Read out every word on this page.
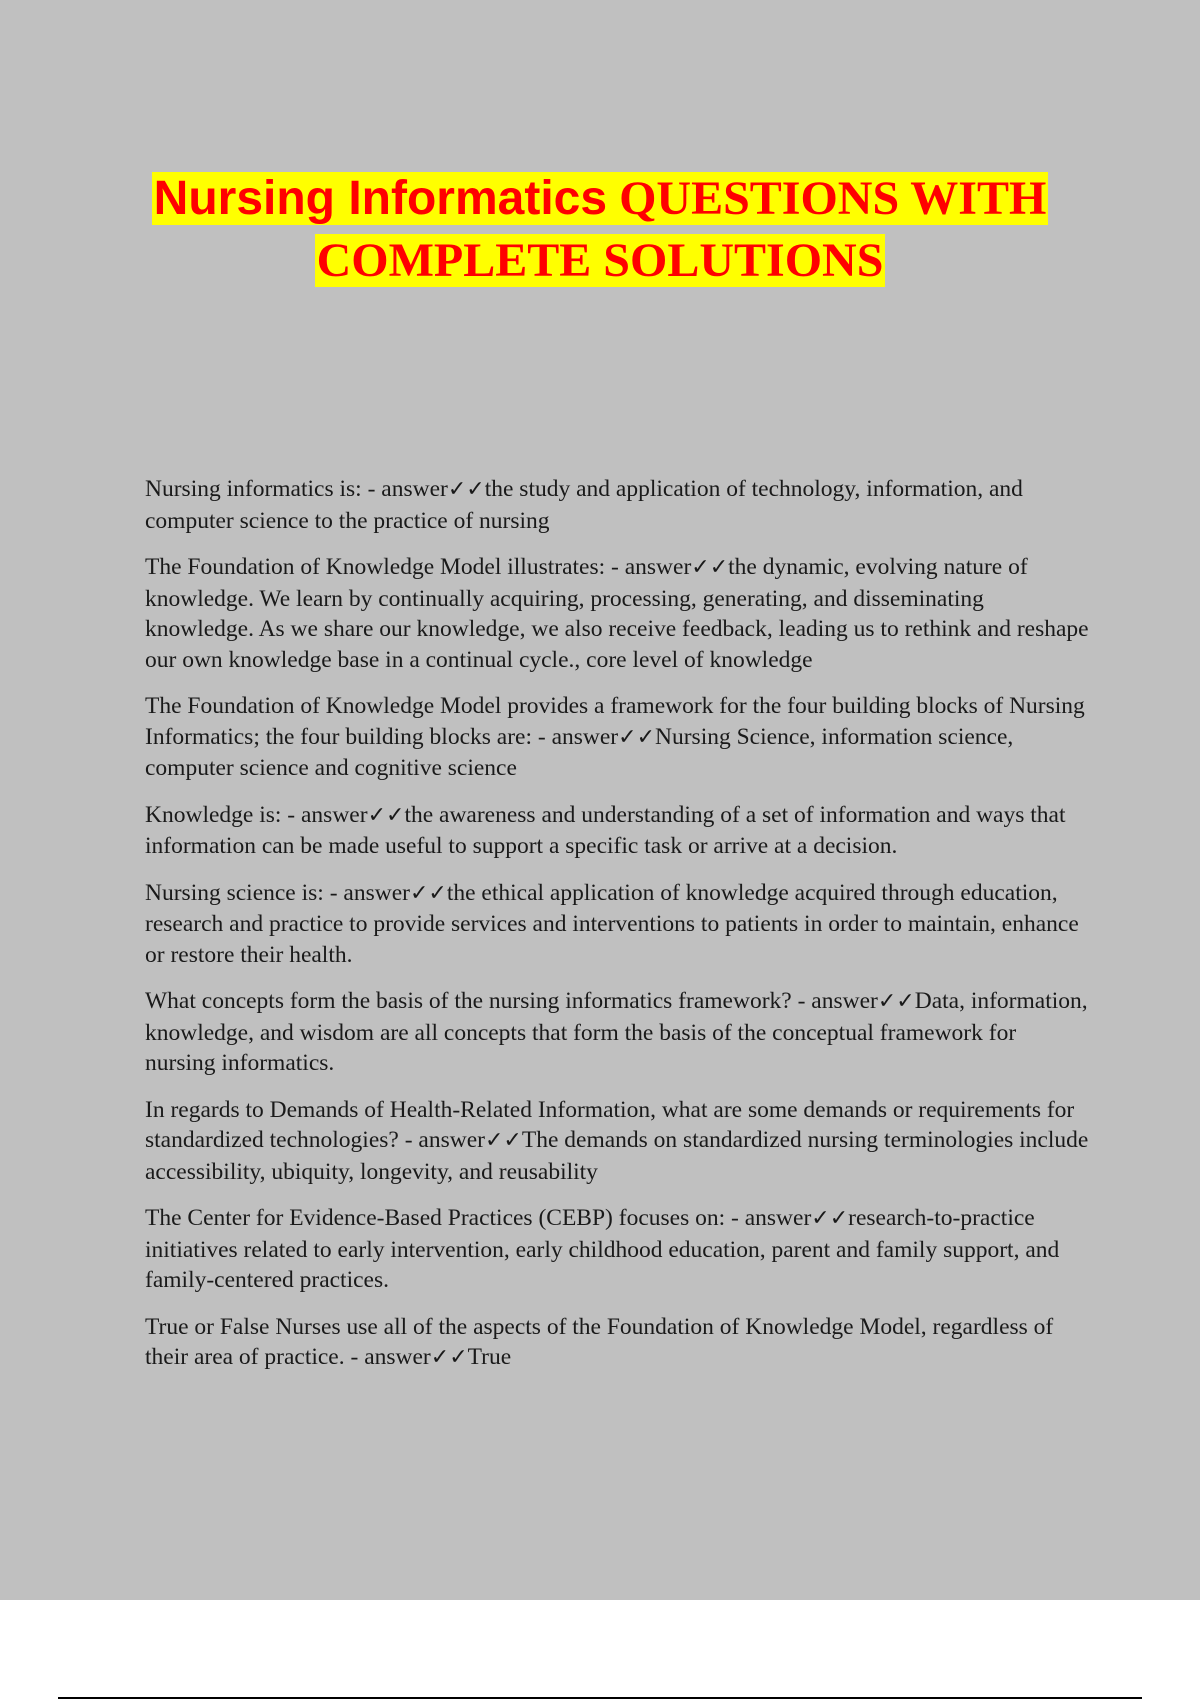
Nursing Informatics QUESTIONS WITH
COMPLETE SOLUTIONS

Nursing informatics is: - answer✓✓the study and application of technology, information, and computer science to the practice of nursing

The Foundation of Knowledge Model illustrates: - answer✓✓the dynamic, evolving nature of knowledge. We learn by continually acquiring, processing, generating, and disseminating knowledge. As we share our knowledge, we also receive feedback, leading us to rethink and reshape our own knowledge base in a continual cycle., core level of knowledge

The Foundation of Knowledge Model provides a framework for the four building blocks of Nursing Informatics; the four building blocks are: - answer✓✓Nursing Science, information science, computer science and cognitive science

Knowledge is: - answer✓✓the awareness and understanding of a set of information and ways that information can be made useful to support a specific task or arrive at a decision.

Nursing science is: - answer✓✓the ethical application of knowledge acquired through education, research and practice to provide services and interventions to patients in order to maintain, enhance or restore their health.

What concepts form the basis of the nursing informatics framework? - answer✓✓Data, information, knowledge, and wisdom are all concepts that form the basis of the conceptual framework for nursing informatics.

In regards to Demands of Health-Related Information, what are some demands or requirements for standardized technologies? - answer✓✓The demands on standardized nursing terminologies include accessibility, ubiquity, longevity, and reusability

The Center for Evidence-Based Practices (CEBP) focuses on: - answer✓✓research-to-practice initiatives related to early intervention, early childhood education, parent and family support, and family-centered practices.

True or False Nurses use all of the aspects of the Foundation of Knowledge Model, regardless of their area of practice. - answer✓✓True
